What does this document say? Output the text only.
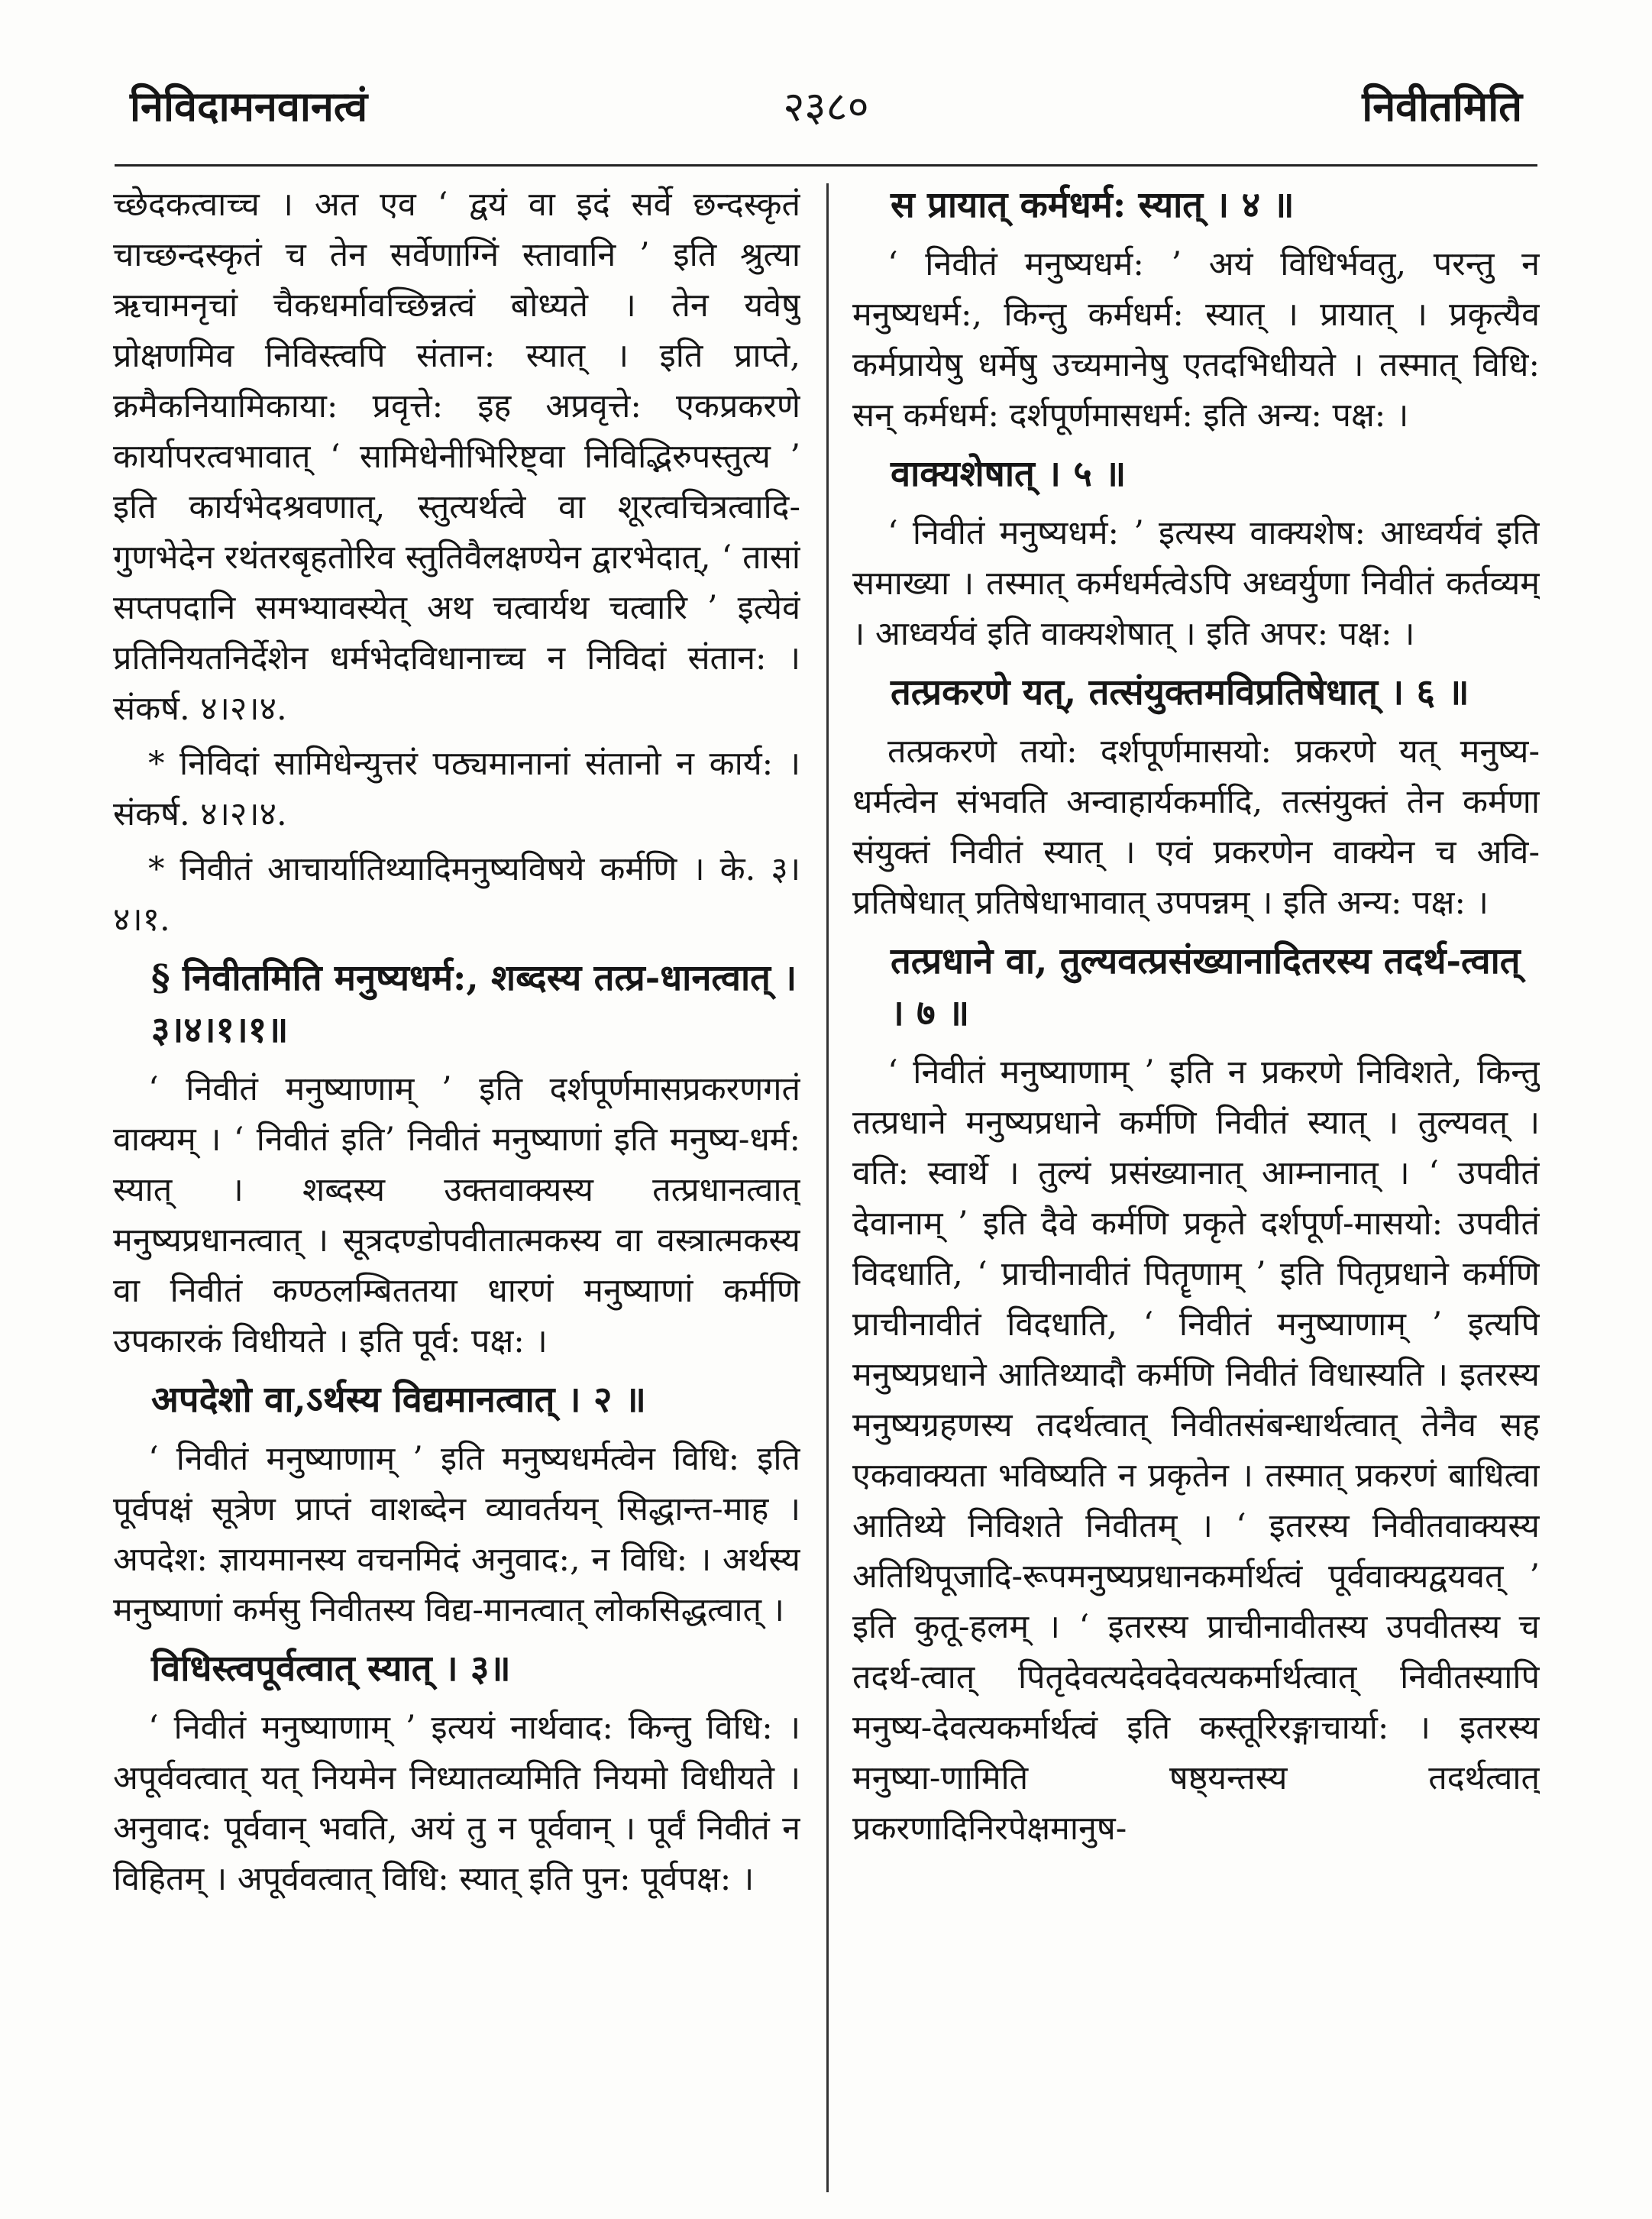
निविदामनवानत्वं	२३८०	निवीतमिति

च्छेदकत्वाच्च । अत एव ‘ द्वयं वा इदं सर्वे छन्दस्कृतं चाच्छन्दस्कृतं च तेन सर्वेणाग्निं स्तावानि ’ इति श्रुत्या ऋचामनृचां चैकधर्मावच्छिन्नत्वं बोध्यते । तेन यवेषु प्रोक्षणमिव निविस्त्वपि संतान: स्यात् । इति प्राप्ते, क्रमैकनियामिकाया: प्रवृत्ते: इह अप्रवृत्ते: एकप्रकरणे कार्यापरत्वभावात् ‘ सामिधेनीभिरिष्ट्वा निविद्भिरुपस्तुत्य ’ इति कार्यभेदश्रवणात्, स्तुत्यर्थत्वे वा शूरत्वचित्रत्वादि-गुणभेदेन रथंतरबृहतोरिव स्तुतिवैलक्षण्येन द्वारभेदात्, ‘ तासां सप्तपदानि समभ्यावस्येत् अथ चत्वार्यथ चत्वारि ’ इत्येवं प्रतिनियतनिर्देशेन धर्मभेदविधानाच्च न निविदां संतान: । संकर्ष. ४।२।४.

* निविदां सामिधेन्युत्तरं पठ्यमानानां संतानो न कार्य: । संकर्ष. ४।२।४.

* निवीतं आचार्यातिथ्यादिमनुष्यविषये कर्मणि । के. ३।४।१.

§ निवीतमिति मनुष्यधर्म:, शब्दस्य तत्प्र-धानत्वात् ।३।४।१।१॥

‘ निवीतं मनुष्याणाम् ’ इति दर्शपूर्णमासप्रकरणगतं वाक्यम् । ‘ निवीतं इति’ निवीतं मनुष्याणां इति मनुष्य-धर्म: स्यात् । शब्दस्य उक्तवाक्यस्य तत्प्रधानत्वात् मनुष्यप्रधानत्वात् । सूत्रदण्डोपवीतात्मकस्य वा वस्त्रात्मकस्य वा निवीतं कण्ठलम्बिततया धारणं मनुष्याणां कर्मणि उपकारकं विधीयते । इति पूर्व: पक्ष: ।

अपदेशो वा,ऽर्थस्य विद्यमानत्वात् । २ ॥

‘ निवीतं मनुष्याणाम् ’ इति मनुष्यधर्मत्वेन विधि: इति पूर्वपक्षं सूत्रेण प्राप्तं वाशब्देन व्यावर्तयन् सिद्धान्त-माह । अपदेश: ज्ञायमानस्य वचनमिदं अनुवाद:, न विधि: । अर्थस्य मनुष्याणां कर्मसु निवीतस्य विद्य-मानत्वात् लोकसिद्धत्वात् ।

विधिस्त्वपूर्वत्वात् स्यात् । ३॥

‘ निवीतं मनुष्याणाम् ’ इत्ययं नार्थवाद: किन्तु विधि: । अपूर्ववत्वात् यत् नियमेन निध्यातव्यमिति नियमो विधीयते । अनुवाद: पूर्ववान् भवति, अयं तु न पूर्ववान् । पूर्वं निवीतं न विहितम् । अपूर्ववत्वात् विधि: स्यात् इति पुन: पूर्वपक्ष: ।

स प्रायात् कर्मधर्म: स्यात् । ४ ॥

‘ निवीतं मनुष्यधर्म: ’ अयं विधिर्भवतु, परन्तु न मनुष्यधर्म:, किन्तु कर्मधर्म: स्यात् । प्रायात् । प्रकृत्यैव कर्मप्रायेषु धर्मेषु उच्यमानेषु एतदभिधीयते । तस्मात् विधि: सन् कर्मधर्म: दर्शपूर्णमासधर्म: इति अन्य: पक्ष: ।

वाक्यशेषात् । ५ ॥

‘ निवीतं मनुष्यधर्म: ’ इत्यस्य वाक्यशेष: आध्वर्यवं इति समाख्या । तस्मात् कर्मधर्मत्वेऽपि अध्वर्युणा निवीतं कर्तव्यम् । आध्वर्यवं इति वाक्यशेषात् । इति अपर: पक्ष: ।

तत्प्रकरणे यत्, तत्संयुक्तमविप्रतिषेधात् । ६ ॥

तत्प्रकरणे तयो: दर्शपूर्णमासयो: प्रकरणे यत् मनुष्य-धर्मत्वेन संभवति अन्वाहार्यकर्मादि, तत्संयुक्तं तेन कर्मणा संयुक्तं निवीतं स्यात् । एवं प्रकरणेन वाक्येन च अवि-प्रतिषेधात् प्रतिषेधाभावात् उपपन्नम् । इति अन्य: पक्ष: ।

तत्प्रधाने वा, तुल्यवत्प्रसंख्यानादितरस्य तदर्थ-त्वात् । ७ ॥

‘ निवीतं मनुष्याणाम् ’ इति न प्रकरणे निविशते, किन्तु तत्प्रधाने मनुष्यप्रधाने कर्मणि निवीतं स्यात् । तुल्यवत् । वति: स्वार्थे । तुल्यं प्रसंख्यानात् आम्नानात् । ‘ उपवीतं देवानाम् ’ इति दैवे कर्मणि प्रकृते दर्शपूर्ण-मासयो: उपवीतं विदधाति, ‘ प्राचीनावीतं पितॄणाम् ’ इति पितृप्रधाने कर्मणि प्राचीनावीतं विदधाति, ‘ निवीतं मनुष्याणाम् ’ इत्यपि मनुष्यप्रधाने आतिथ्यादौ कर्मणि निवीतं विधास्यति । इतरस्य मनुष्यग्रहणस्य तदर्थत्वात् निवीतसंबन्धार्थत्वात् तेनैव सह एकवाक्यता भविष्यति न प्रकृतेन । तस्मात् प्रकरणं बाधित्वा आतिथ्ये निविशते निवीतम् । ‘ इतरस्य निवीतवाक्यस्य अतिथिपूजादि-रूपमनुष्यप्रधानकर्मार्थत्वं पूर्ववाक्यद्वयवत् ’ इति कुतू-हलम् । ‘ इतरस्य प्राचीनावीतस्य उपवीतस्य च तदर्थ-त्वात् पितृदेवत्यदेवदेवत्यकर्मार्थत्वात् निवीतस्यापि मनुष्य-देवत्यकर्मार्थत्वं इति कस्तूरिरङ्गाचार्या: । इतरस्य मनुष्या-णामिति षष्ठ्यन्तस्य तदर्थत्वात् प्रकरणादिनिरपेक्षमानुष-
